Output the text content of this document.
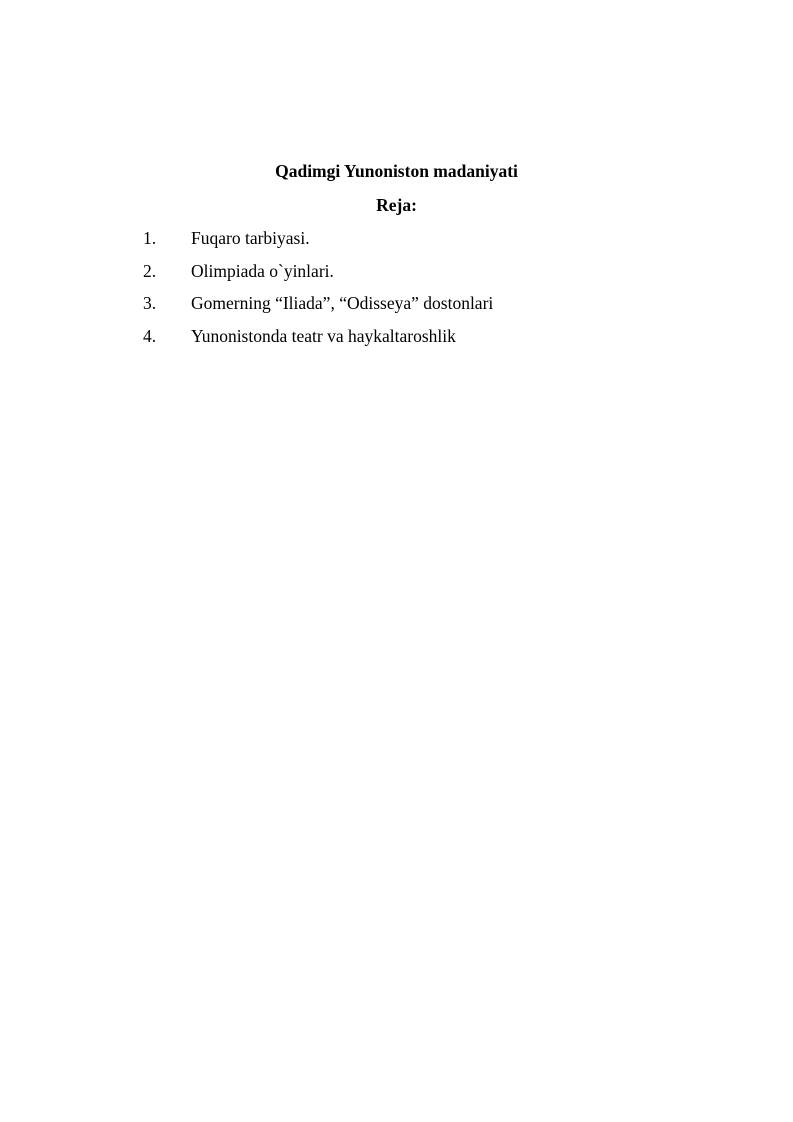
Qadimgi Yunoniston madaniyati
Reja:
1. Fuqaro tarbiyasi.
2. Olimpiada o`yinlari.
3. Gomerning “Iliada”, “Odisseya” dostonlari
4. Yunonistonda teatr va haykaltaroshlik
